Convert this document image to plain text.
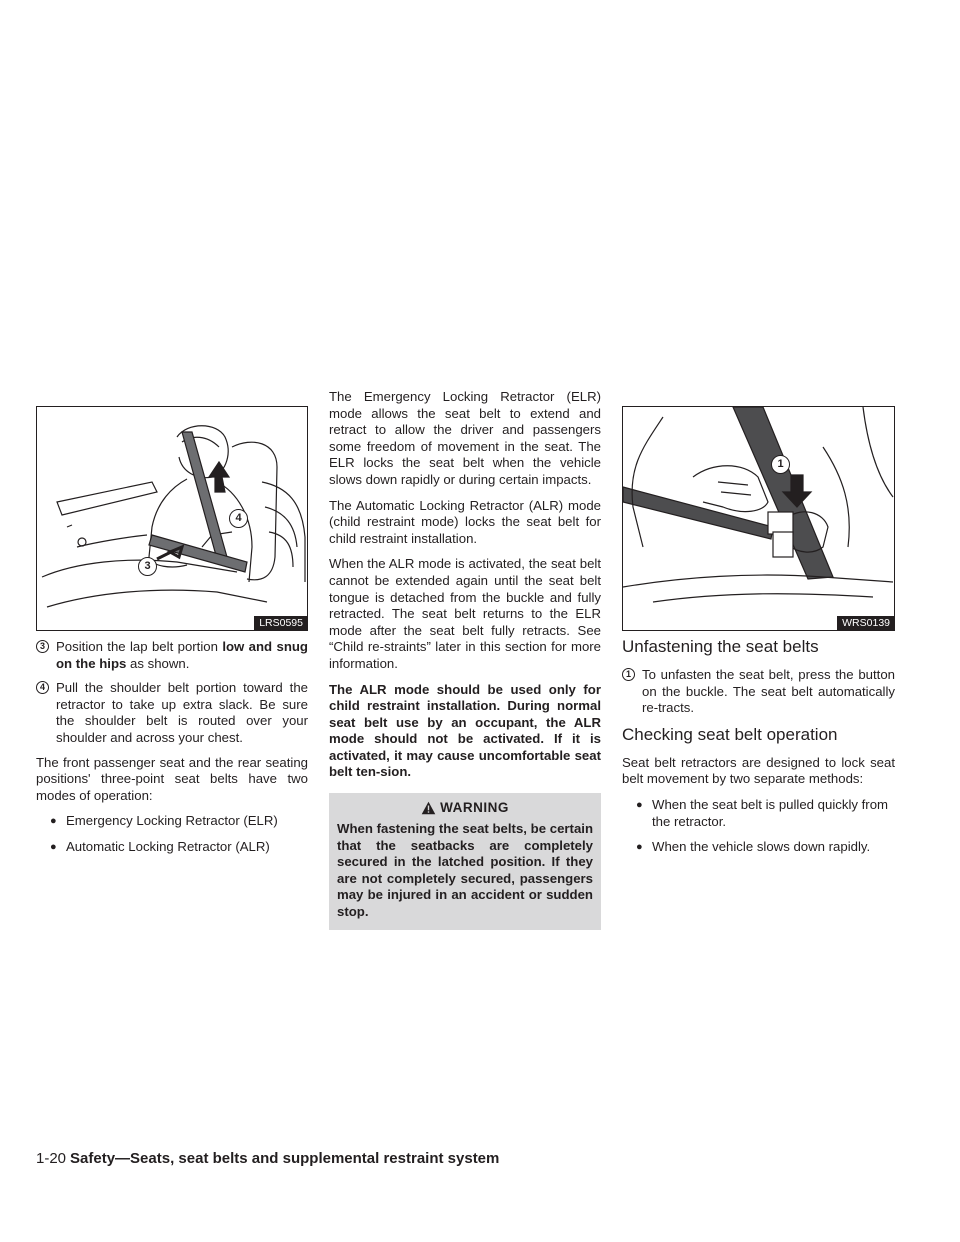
3
4
LRS0595
3 Position the lap belt portion low and snug on the hips as shown.
4 Pull the shoulder belt portion toward the retractor to take up extra slack. Be sure the shoulder belt is routed over your shoulder and across your chest.

The front passenger seat and the rear seating positions' three-point seat belts have two modes of operation:

● Emergency Locking Retractor (ELR)
● Automatic Locking Retractor (ALR)

The Emergency Locking Retractor (ELR) mode allows the seat belt to extend and retract to allow the driver and passengers some freedom of movement in the seat. The ELR locks the seat belt when the vehicle slows down rapidly or during certain impacts.

The Automatic Locking Retractor (ALR) mode (child restraint mode) locks the seat belt for child restraint installation.

When the ALR mode is activated, the seat belt cannot be extended again until the seat belt tongue is detached from the buckle and fully retracted. The seat belt returns to the ELR mode after the seat belt fully retracts. See “Child re-straints” later in this section for more information.

The ALR mode should be used only for child restraint installation. During normal seat belt use by an occupant, the ALR mode should not be activated. If it is activated, it may cause uncomfortable seat belt ten-sion.

WARNING
When fastening the seat belts, be certain that the seatbacks are completely secured in the latched position. If they are not completely secured, passengers may be injured in an accident or sudden stop.
1
WRS0139
Unfastening the seat belts
1 To unfasten the seat belt, press the button on the buckle. The seat belt automatically re-tracts.
Checking seat belt operation

Seat belt retractors are designed to lock seat belt movement by two separate methods:

● When the seat belt is pulled quickly from the retractor.
● When the vehicle slows down rapidly.
1-20 Safety—Seats, seat belts and supplemental restraint system
